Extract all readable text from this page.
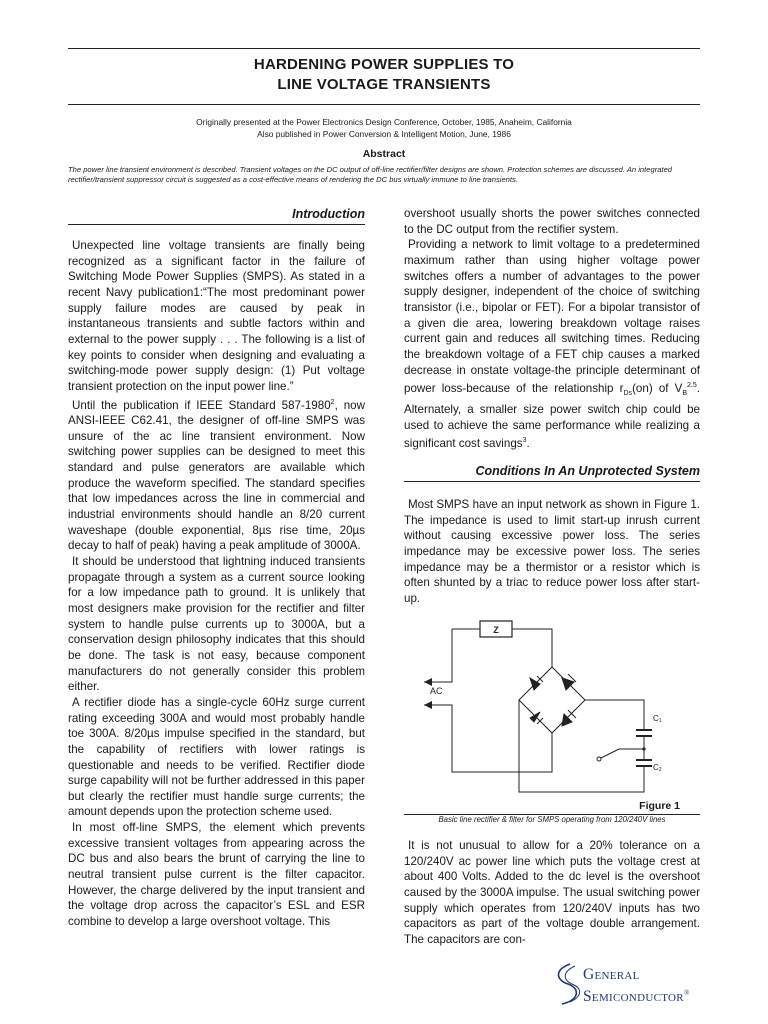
HARDENING POWER SUPPLIES TO
LINE VOLTAGE TRANSIENTS
Originally presented at the Power Electronics Design Conference, October, 1985, Anaheim, California
Also published in Power Conversion & Intelligent Motion, June, 1986
Abstract
The power line transient environment is described. Transient voltages on the DC output of off-line rectifier/filter designs are shown. Protection schemes are discussed. An integrated rectifier/transient suppressor circuit is suggested as a cost-effective means of rendering the DC bus virtually immune to line transients.
Introduction

Unexpected line voltage transients are finally being recognized as a significant factor in the failure of Switching Mode Power Supplies (SMPS). As stated in a recent Navy publication1:“The most predominant power supply failure modes are caused by peak in instantaneous transients and subtle factors within and external to the power supply . . . The following is a list of key points to consider when designing and evaluating a switching-mode power supply design: (1) Put voltage transient protection on the input power line.”

Until the publication if IEEE Standard 587-1980$^2$, now ANSI-IEEE C62.41, the designer of off-line SMPS was unsure of the ac line transient environment. Now switching power supplies can be designed to meet this standard and pulse generators are available which produce the waveform specified. The standard specifies that low impedances across the line in commercial and industrial environments should handle an 8/20 current waveshape (double exponential, 8µs rise time, 20µs decay to half of peak) having a peak amplitude of 3000A.

It should be understood that lightning induced transients propagate through a system as a current source looking for a low impedance path to ground. It is unlikely that most designers make provision for the rectifier and filter system to handle pulse currents up to 3000A, but a conservation design philosophy indicates that this should be done. The task is not easy, because component manufacturers do not generally consider this problem either.

A rectifier diode has a single-cycle 60Hz surge current rating exceeding 300A and would most probably handle toe 300A. 8/20µs impulse specified in the standard, but the capability of rectifiers with lower ratings is questionable and needs to be verified. Rectifier diode surge capability will not be further addressed in this paper but clearly the rectifier must handle surge currents; the amount depends upon the protection scheme used.

In most off-line SMPS, the element which prevents excessive transient voltages from appearing across the DC bus and also bears the brunt of carrying the line to neutral transient pulse current is the filter capacitor. However, the charge delivered by the input transient and the voltage drop across the capacitor’s ESL and ESR combine to develop a large overshoot voltage. This

overshoot usually shorts the power switches connected to the DC output from the rectifier system.

Providing a network to limit voltage to a predetermined maximum rather than using higher voltage power switches offers a number of advantages to the power supply designer, independent of the choice of switching transistor (i.e., bipolar or FET). For a bipolar transistor of a given die area, lowering breakdown voltage raises current gain and reduces all switching times. Reducing the breakdown voltage of a FET chip causes a marked decrease in onstate voltage-the principle determinant of power loss-because of the relationship $r_{Ds}(on)$ of $V_B^{2.5}$. Alternately, a smaller size power switch chip could be used to achieve the same performance while realizing a significant cost savings$^3$.

Conditions In An Unprotected System

Most SMPS have an input network as shown in Figure 1. The impedance is used to limit start-up inrush current without causing excessive power loss. The series impedance may be excessive power loss. The series impedance may be a thermistor or a resistor which is often shunted by a triac to reduce power loss after start-up.

Z
AC
C1
C2
Figure 1
Basic line rectifier & filter for SMPS operating from 120/240V lines

It is not unusual to allow for a 20% tolerance on a 120/240V ac power line which puts the voltage crest at about 400 Volts. Added to the dc level is the overshoot caused by the 3000A impulse. The usual switching power supply which operates from 120/240V inputs has two capacitors as part of the voltage double arrangement. The capacitors are con-

General
Semiconductor®
